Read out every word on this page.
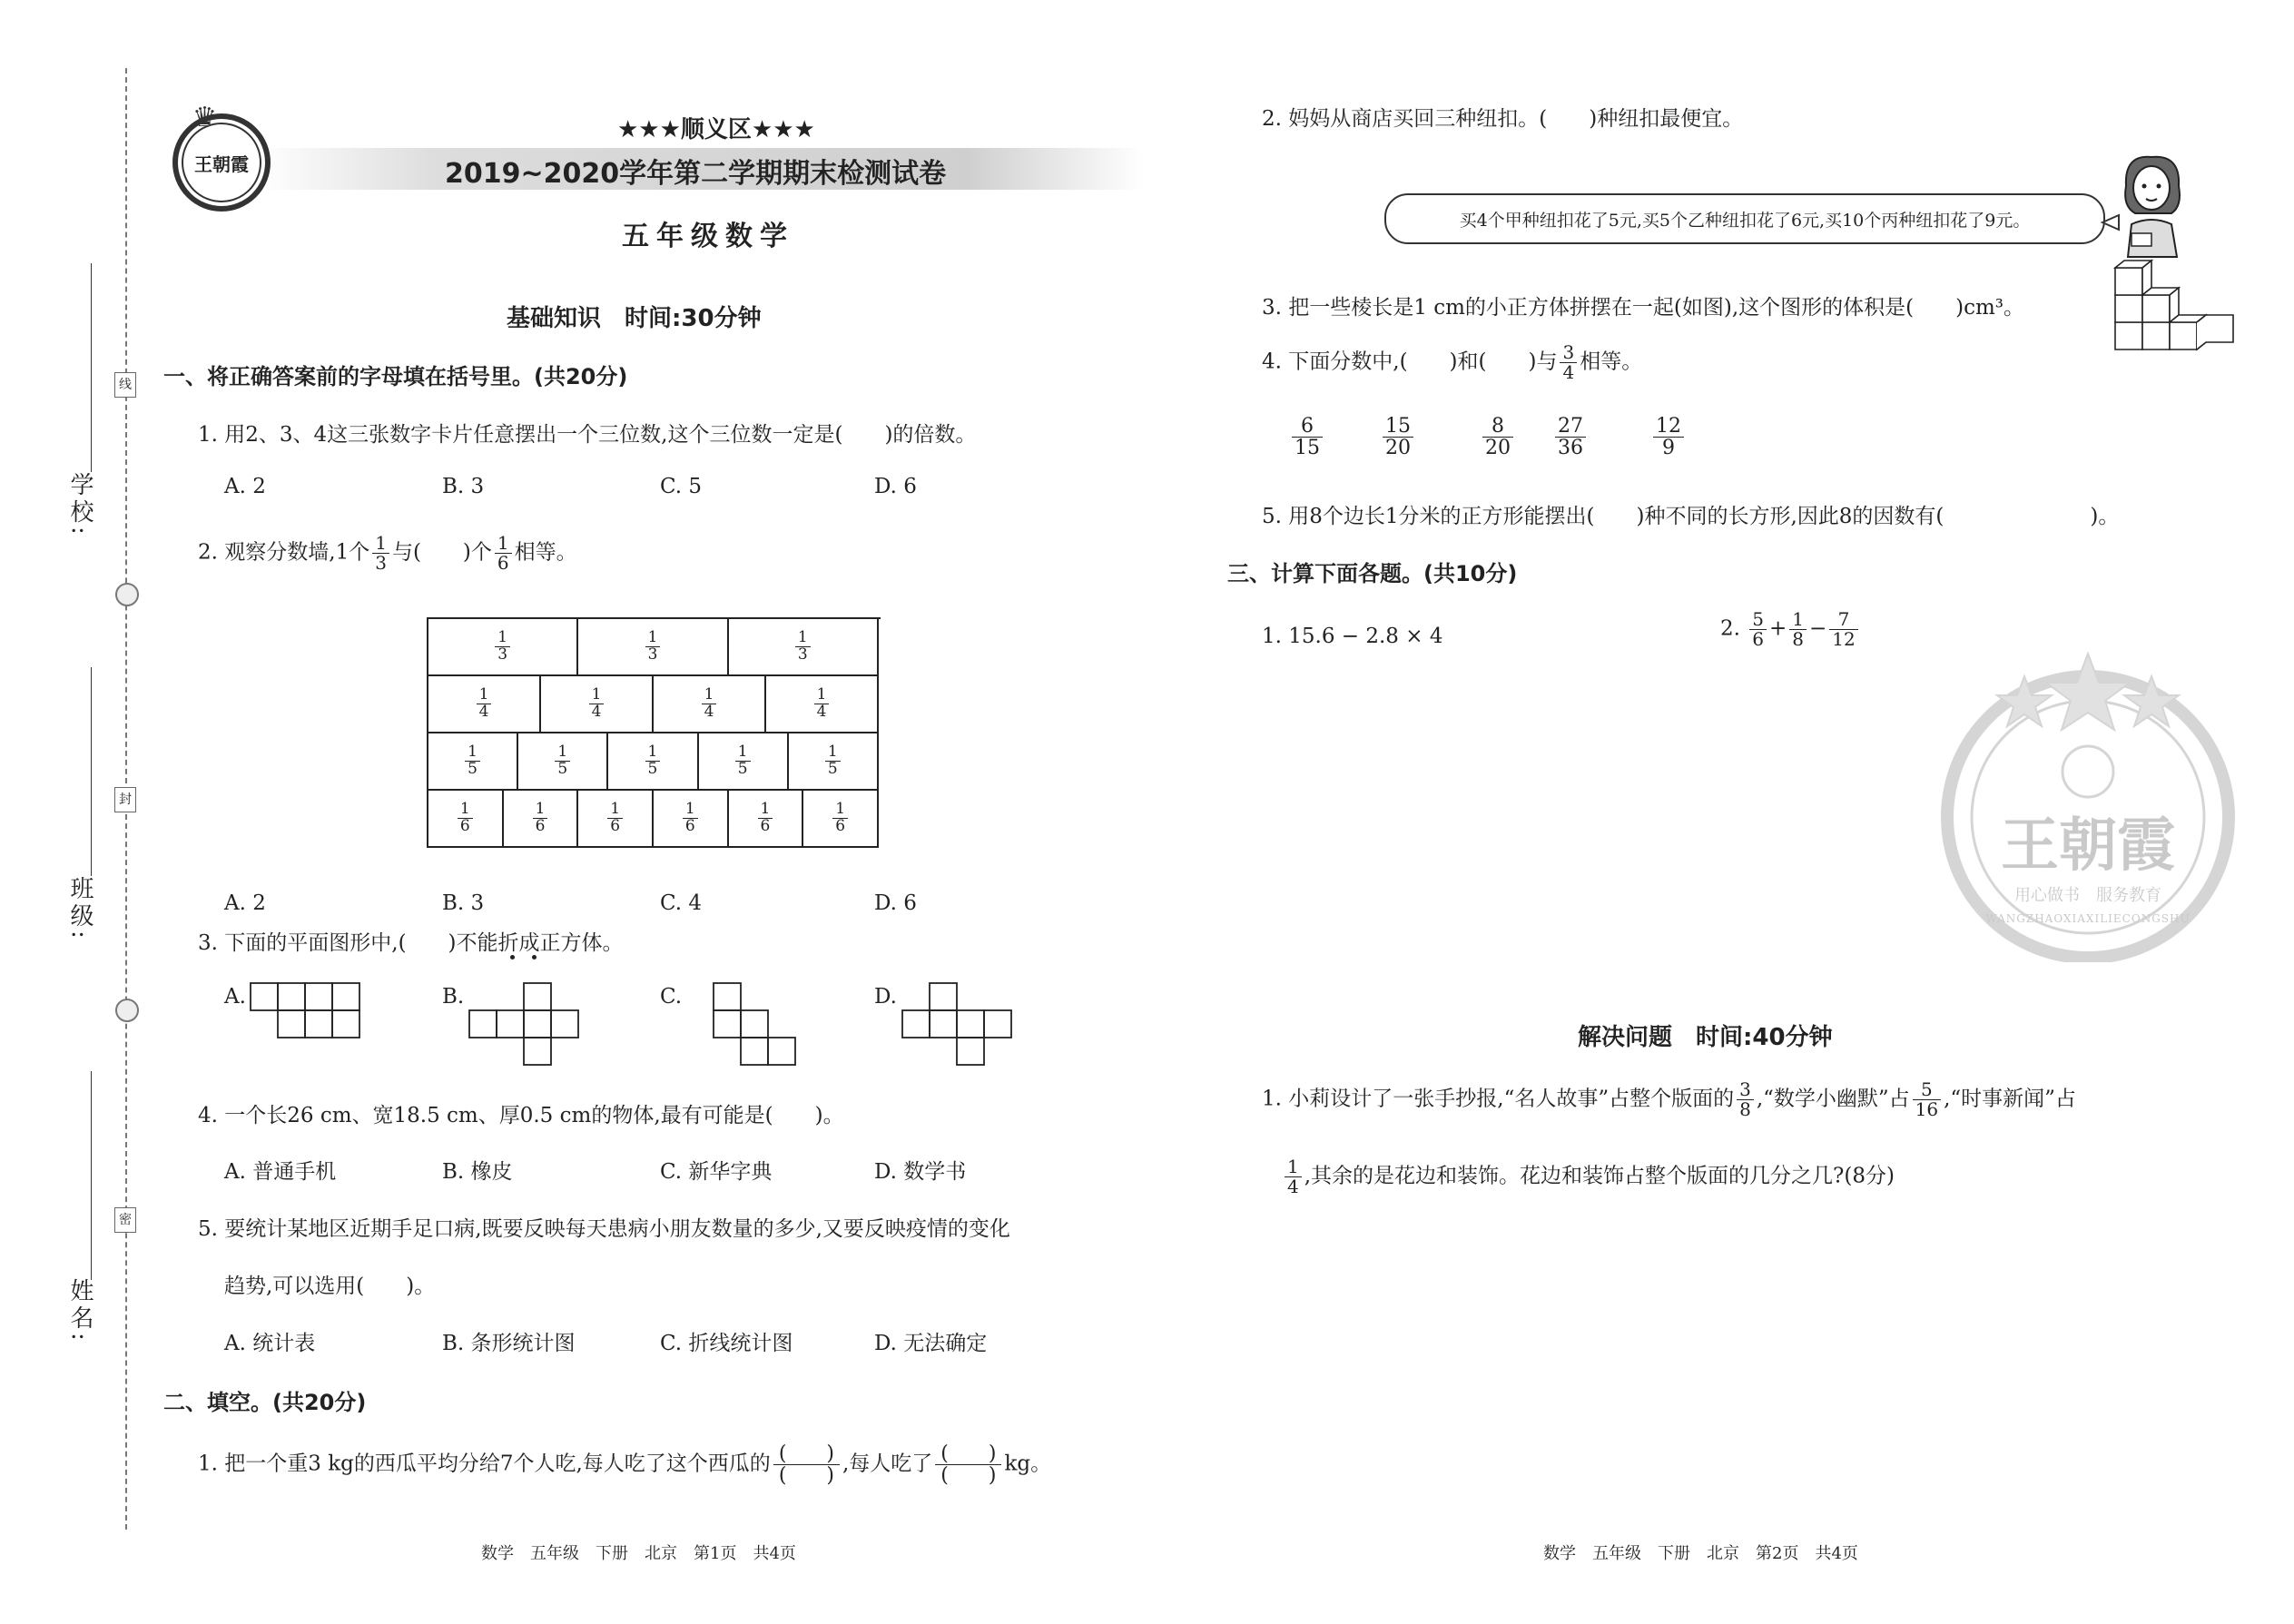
学校:
班级:
姓名:
线
封
密
王朝霞
♛	★★★顺义区★★★
2019~2020学年第二学期期末检测试卷
五年级数学
基础知识　时间:30分钟
一、将正确答案前的字母填在括号里。(共20分)
1. 用2、3、4这三张数字卡片任意摆出一个三位数,这个三位数一定是(　　)的倍数。
A. 2	B. 3	C. 5	D. 6
2. 观察分数墙,1个 $\frac{1}{3}$ 与(　　)个 $\frac{1}{6}$ 相等。
$\frac{1}{3}$	$\frac{1}{3}$	$\frac{1}{3}$
$\frac{1}{4}$	$\frac{1}{4}$	$\frac{1}{4}$	$\frac{1}{4}$
$\frac{1}{5}$	$\frac{1}{5}$	$\frac{1}{5}$	$\frac{1}{5}$	$\frac{1}{5}$
$\frac{1}{6}$	$\frac{1}{6}$	$\frac{1}{6}$	$\frac{1}{6}$	$\frac{1}{6}$	$\frac{1}{6}$
A. 2	B. 3	C. 4	D. 6
3. 下面的平面图形中,(　　)不能折成正方体。
A.	B.	C.	D.
4. 一个长26 cm、宽18.5 cm、厚0.5 cm的物体,最有可能是(　　)。
A. 普通手机	B. 橡皮	C. 新华字典	D. 数学书
5. 要统计某地区近期手足口病,既要反映每天患病小朋友数量的多少,又要反映疫情的变化
趋势,可以选用(　　)。
A. 统计表	B. 条形统计图	C. 折线统计图	D. 无法确定
二、填空。(共20分)
1. 把一个重3 kg的西瓜平均分给7个人吃,每人吃了这个西瓜的 $\frac{( )}{( )}$ ,每人吃了 $\frac{( )}{( )}$ kg。
数学　五年级　下册　北京　第1页　共4页
2. 妈妈从商店买回三种纽扣。(　　)种纽扣最便宜。
买4个甲种纽扣花了5元,买5个乙种纽扣花了6元,买10个丙种纽扣花了9元。
3. 把一些棱长是1 cm的小正方体拼摆在一起(如图),这个图形的体积是(　　)cm³。
4. 下面分数中,(　　)和(　　)与 $\frac{3}{4}$ 相等。
$\frac{6}{15}$	$\frac{15}{20}$	$\frac{8}{20} \frac{27}{36}$	$\frac{12}{9}$
5. 用8个边长1分米的正方形能摆出(　　)种不同的长方形,因此8的因数有(　　　　　　　)。
三、计算下面各题。(共10分)
1. 15.6 − 2.8 × 4	2. $\frac{5}{6} + \frac{1}{8} - \frac{7}{12}$
王朝霞
WANGZHAOXIAXILIECONGSHU
用心做书　服务教育
解决问题　时间:40分钟
1. 小莉设计了一张手抄报,“名人故事”占整个版面的 $\frac{3}{8}$ ,“数学小幽默”占 $\frac{5}{16}$ ,“时事新闻”占
$\frac{1}{4}$ ,其余的是花边和装饰。花边和装饰占整个版面的几分之几?(8分)
数学　五年级　下册　北京　第2页　共4页
